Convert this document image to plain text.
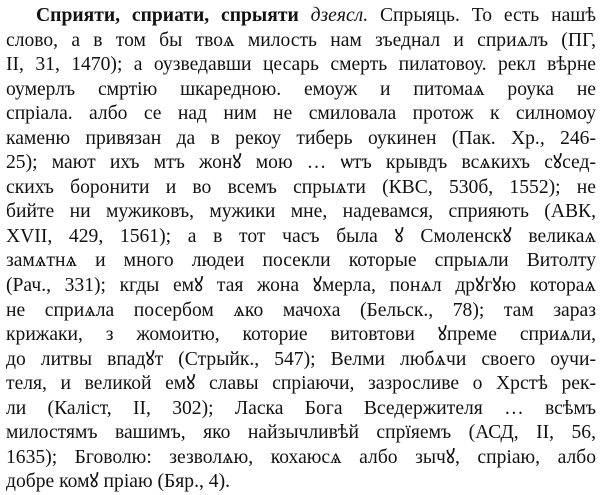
Сприяти, сприати, спрыяти дзеясл. Спрыяць. То есть нашѣ
слово, а в том бы твоѧ милость нам зъеднал и сприѧлъ (ПГ,
II, 31, 1470); а оузведавши цесарь смерть пилатовоу. рекл вѣрне
оумерлъ смртію шкаредною. емоуж и питомаѧ роука не
спріала. албо се над ним не смиловала протож к силномоу
каменю привязан да в рекоу тиберь оукинен (Пак. Хр., 246-
25); мают ихъ мтъ жонꙋ мою … ѡтъ крывдъ всѧкихъ сꙋсед-
скихъ боронити и во всемъ спрыѧти (КВС, 530б, 1552); не
бийте ни мужиковъ, мужики мне, надевамся, сприяють (АВК,
XVII, 429, 1561); а в тот часъ была ꙋ Смоленскꙋ великаѧ
замѧтнѧ и много людеи посекли которые спрыѧли Витолту
(Рач., 331); кгды емꙋ тая жона ꙋмерла, понѧл дрꙋгꙋю котораѧ
не сприѧла посербом ѧко мачоха (Бельск., 78); там зараз
крижаки, з жомоитю, которие витовтови ꙋпреме сприѧли,
до литвы впадꙋт (Стрыйк., 547); Велми любѧчи своего оучи-
теля, и великой емꙋ славы спріаючи, зазросливе о Хрстѣ рек-
ли (Каліст, II, 302); Ласка Бога Вседержителя … всѣмъ
милостямъ вашимъ, яко найзычливѣй спрїяемъ (АСД, II, 56,
1635); Бговолю: зезволѧю, кохаюсѧ албо зычꙋ, спріаю, албо
добре комꙋ пріаю (Бяр., 4).
